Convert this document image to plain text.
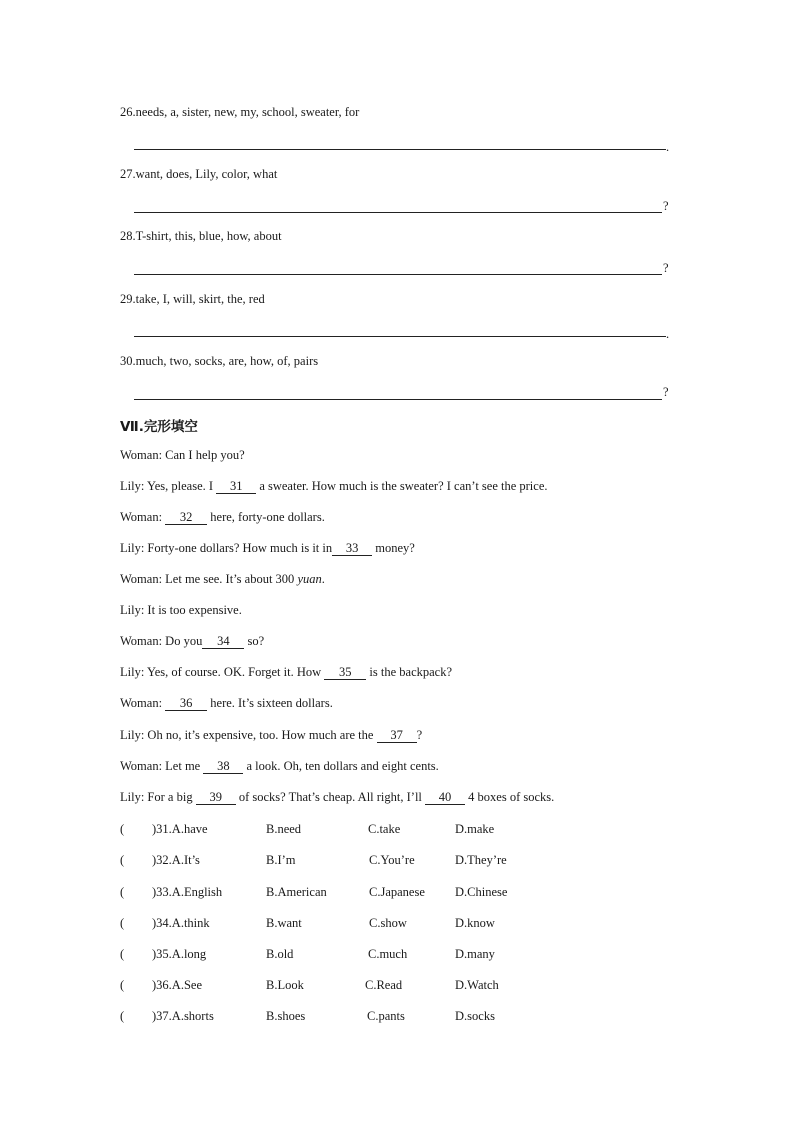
26.needs, a, sister, new, my, school, sweater, for
.
27.want, does, Lily, color, what
?
28.T-shirt, this, blue, how, about
?
29.take, I, will, skirt, the, red
.
30.much, two, socks, are, how, of, pairs
?
Ⅶ.完形填空
Woman: Can I help you?
Lily: Yes, please. I 31 a sweater. How much is the sweater? I can’t see the price.
Woman: 32 here, forty-one dollars.
Lily: Forty-one dollars? How much is it in 33 money?
Woman: Let me see. It’s about 300 yuan.
Lily: It is too expensive.
Woman: Do you 34 so?
Lily: Yes, of course. OK. Forget it. How 35 is the backpack?
Woman: 36 here. It’s sixteen dollars.
Lily: Oh no, it’s expensive, too. How much are the 37 ?
Woman: Let me 38 a look. Oh, ten dollars and eight cents.
Lily: For a big 39 of socks? That’s cheap. All right, I’ll 40 4 boxes of socks.
( )31.A.have	B.need	C.take	D.make
( )32.A.It’s	B.I’m	C.You’re	D.They’re
( )33.A.English	B.American	C.Japanese D.Chinese
( )34.A.think	B.want	C.show	D.know
( )35.A.long	B.old	C.much	D.many
( )36.A.See	B.Look	C.Read	D.Watch
( )37.A.shorts	B.shoes	C.pants	D.socks
